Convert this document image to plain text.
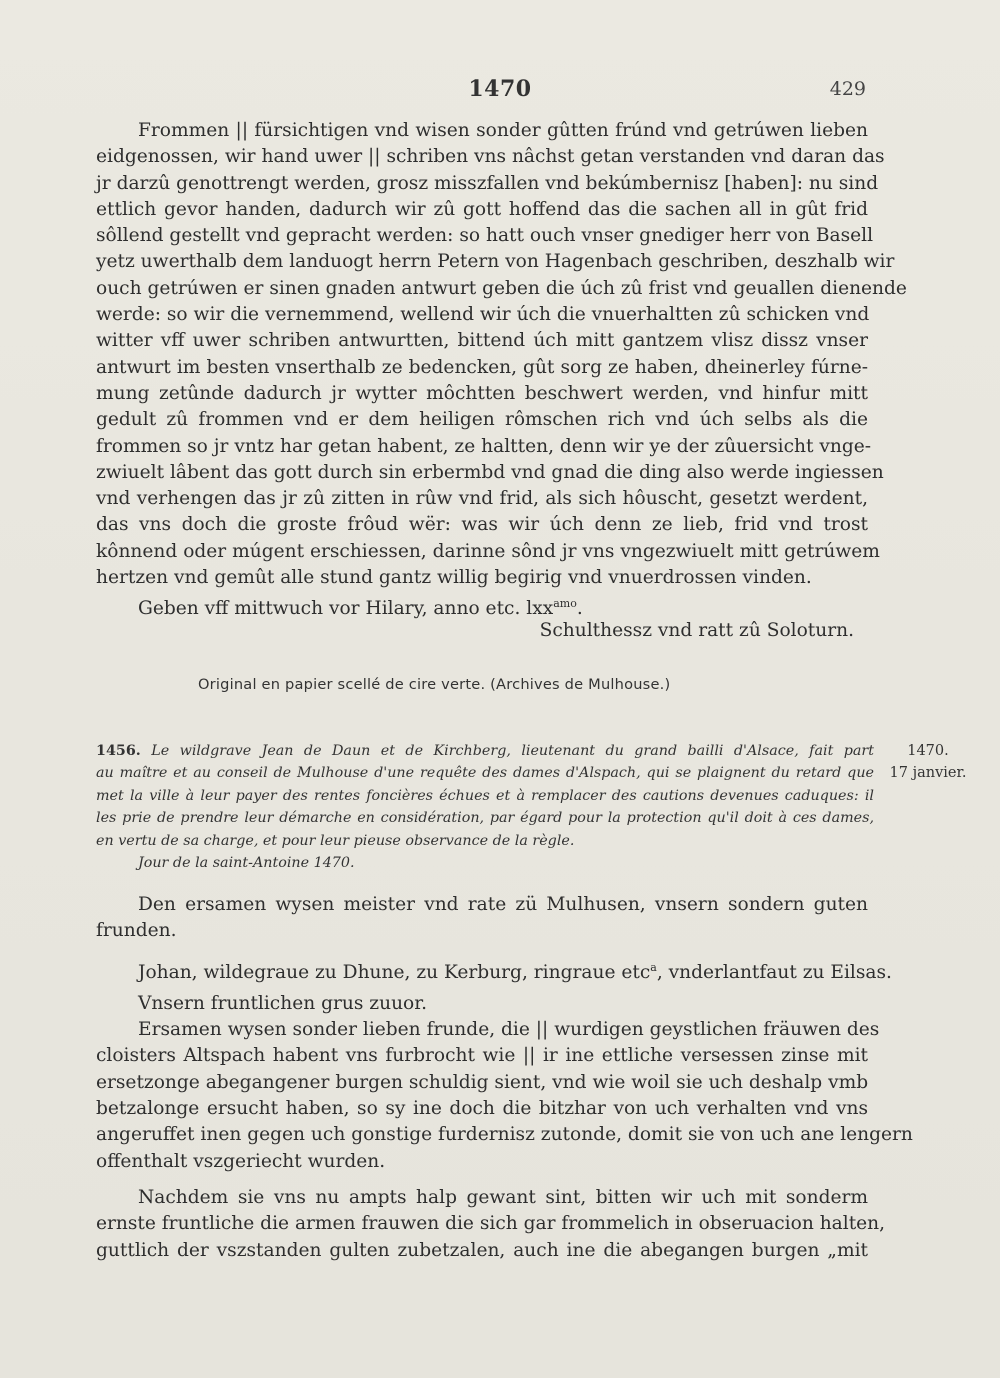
1470	429
Frommen || fürsichtigen vnd wisen sonder gûtten frúnd vnd getrúwen lieben
eidgenossen, wir hand uwer || schriben vns nâchst getan verstanden vnd daran das
jr darzû genottrengt werden, grosz misszfallen vnd bekúmbernisz [haben]: nu sind
ettlich gevor handen, dadurch wir zû gott hoffend das die sachen all in gût frid
sôllend gestellt vnd gepracht werden: so hatt ouch vnser gnediger herr von Basell
yetz uwerthalb dem landuogt herrn Petern von Hagenbach geschriben, deszhalb wir
ouch getrúwen er sinen gnaden antwurt geben die úch zû frist vnd geuallen dienende
werde: so wir die vernemmend, wellend wir úch die vnuerhaltten zû schicken vnd
witter vff uwer schriben antwurtten, bittend úch mitt gantzem vlisz dissz vnser
antwurt im besten vnserthalb ze bedencken, gût sorg ze haben, dheinerley fúrne-
mung zetûnde dadurch jr wytter môchtten beschwert werden, vnd hinfur mitt
gedult zû frommen vnd er dem heiligen rômschen rich vnd úch selbs als die
frommen so jr vntz har getan habent, ze haltten, denn wir ye der zûuersicht vnge-
zwiuelt lâbent das gott durch sin erbermbd vnd gnad die ding also werde ingiessen
vnd verhengen das jr zû zitten in rûw vnd frid, als sich hôuscht, gesetzt werdent,
das vns doch die groste frôud wër: was wir úch denn ze lieb, frid vnd trost
kônnend oder múgent erschiessen, darinne sônd jr vns vngezwiuelt mitt getrúwem
hertzen vnd gemût alle stund gantz willig begirig vnd vnuerdrossen vinden.
Geben vff mittwuch vor Hilary, anno etc. lxx$^{amo}$.
Schulthessz vnd ratt zû Soloturn.
Original en papier scellé de cire verte. (Archives de Mulhouse.)
1456. Le wildgrave Jean de Daun et de Kirchberg, lieutenant du grand bailli d'Alsace, fait part
au maître et au conseil de Mulhouse d'une requête des dames d'Alspach, qui se plaignent du retard que
met la ville à leur payer des rentes foncières échues et à remplacer des cautions devenues caduques: il
les prie de prendre leur démarche en considération, par égard pour la protection qu'il doit à ces dames,
en vertu de sa charge, et pour leur pieuse observance de la règle.
Jour de la saint-Antoine 1470.
1470.
17 janvier.
Den ersamen wysen meister vnd rate zü Mulhusen, vnsern sondern guten
frunden.
Johan, wildegraue zu Dhune, zu Kerburg, ringraue etc$^a$, vnderlantfaut zu Eilsas.
Vnsern fruntlichen grus zuuor.
Ersamen wysen sonder lieben frunde, die || wurdigen geystlichen fräuwen des
cloisters Altspach habent vns furbrocht wie || ir ine ettliche versessen zinse mit
ersetzonge abegangener burgen schuldig sient, vnd wie woil sie uch deshalp vmb
betzalonge ersucht haben, so sy ine doch die bitzhar von uch verhalten vnd vns
angeruffet inen gegen uch gonstige furdernisz zutonde, domit sie von uch ane lengern
offenthalt vszgeriecht wurden.
Nachdem sie vns nu ampts halp gewant sint, bitten wir uch mit sonderm
ernste fruntliche die armen frauwen die sich gar frommelich in obseruacion halten,
guttlich der vszstanden gulten zubetzalen, auch ine die abegangen burgen „mit
